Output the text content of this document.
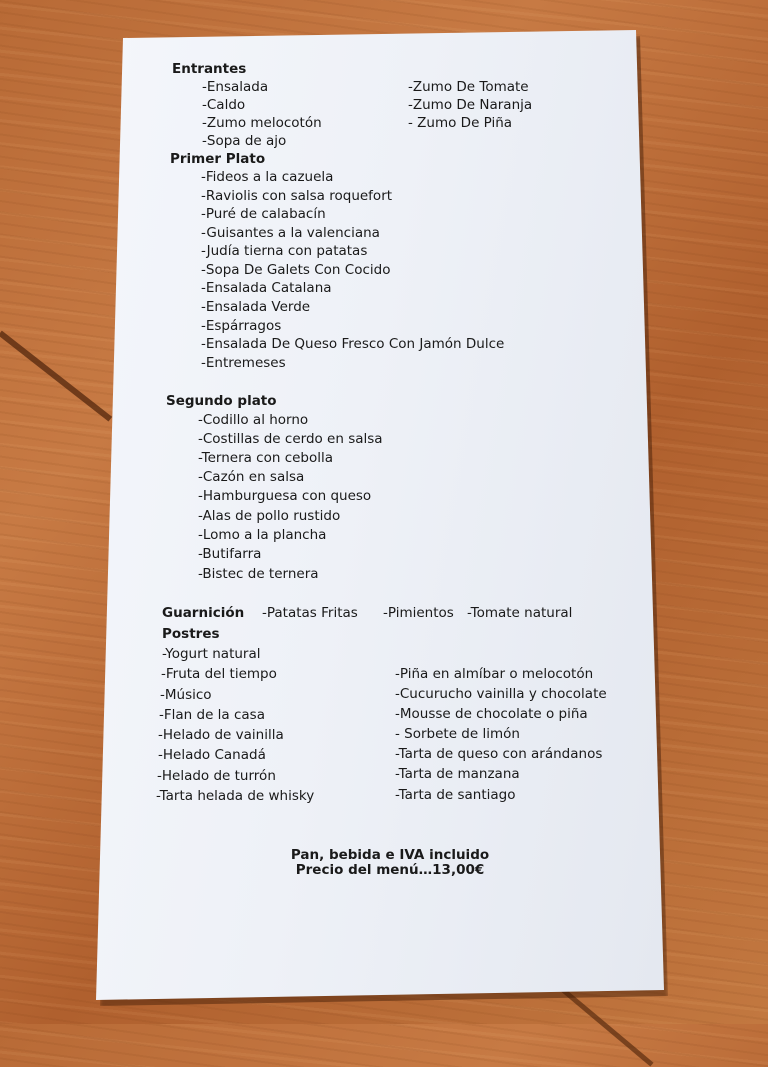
Entrantes
-Ensalada
-Caldo
-Zumo melocotón
-Sopa de ajo
-Zumo De Tomate
-Zumo De Naranja
- Zumo De Piña
Primer Plato
-Fideos a la cazuela
-Raviolis con salsa roquefort
-Puré de calabacín
-Guisantes a la valenciana
-Judía tierna con patatas
-Sopa De Galets Con Cocido
-Ensalada Catalana
-Ensalada Verde
-Espárragos
-Ensalada De Queso Fresco Con Jamón Dulce
-Entremeses
Segundo plato
-Codillo al horno
-Costillas de cerdo en salsa
-Ternera con cebolla
-Cazón en salsa
-Hamburguesa con queso
-Alas de pollo rustido
-Lomo a la plancha
-Butifarra
-Bistec de ternera
Guarnición -Patatas Fritas -Pimientos -Tomate natural
Postres
-Yogurt natural
-Fruta del tiempo
-Músico
-Flan de la casa
-Helado de vainilla
-Helado Canadá
-Helado de turrón
-Tarta helada de whisky
-Piña en almíbar o melocotón
-Cucurucho vainilla y chocolate
-Mousse de chocolate o piña
- Sorbete de limón
-Tarta de queso con arándanos
-Tarta de manzana
-Tarta de santiago
Pan, bebida e IVA incluido
Precio del menú…13,00€
